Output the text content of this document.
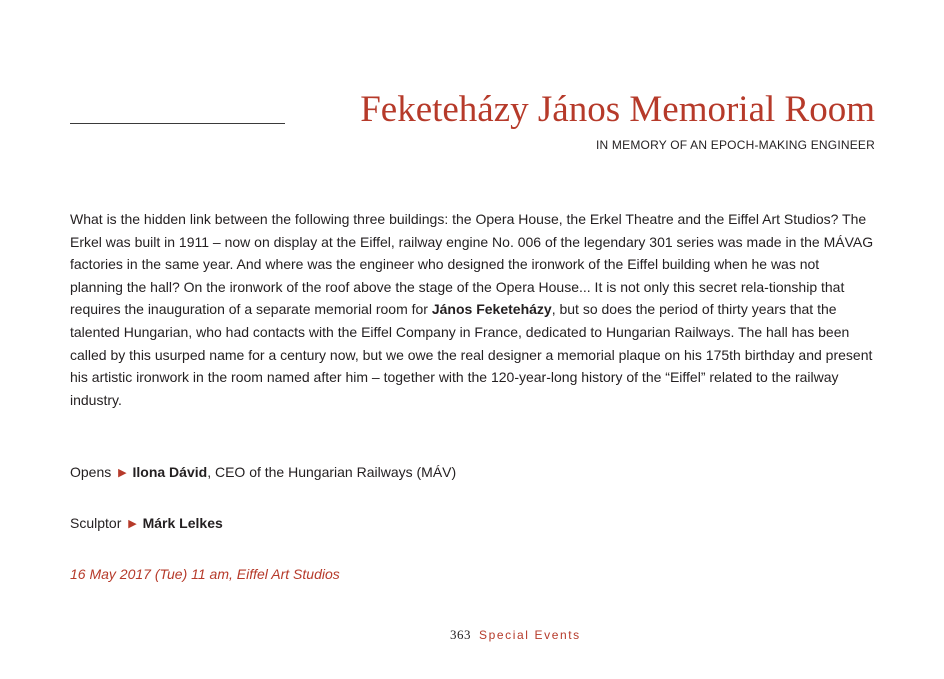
Feketeházy János Memorial Room
IN MEMORY OF AN EPOCH-MAKING ENGINEER

What is the hidden link between the following three buildings: the Opera House, the Erkel Theatre and the Eiffel Art Studios? The Erkel was built in 1911 – now on display at the Eiffel, railway engine No. 006 of the legendary 301 series was made in the MÁVAG factories in the same year. And where was the engineer who designed the ironwork of the Eiffel building when he was not planning the hall? On the ironwork of the roof above the stage of the Opera House... It is not only this secret rela-tionship that requires the inauguration of a separate memorial room for János Feketeházy, but so does the period of thirty years that the talented Hungarian, who had contacts with the Eiffel Company in France, dedicated to Hungarian Railways. The hall has been called by this usurped name for a century now, but we owe the real designer a memorial plaque on his 175th birthday and present his artistic ironwork in the room named after him – together with the 120-year-long history of the “Eiffel” related to the railway industry.

Opens ▶ Ilona Dávid, CEO of the Hungarian Railways (MÁV)
Sculptor ▶ Márk Lelkes
16 May 2017 (Tue) 11 am, Eiffel Art Studios
363 Special Events
